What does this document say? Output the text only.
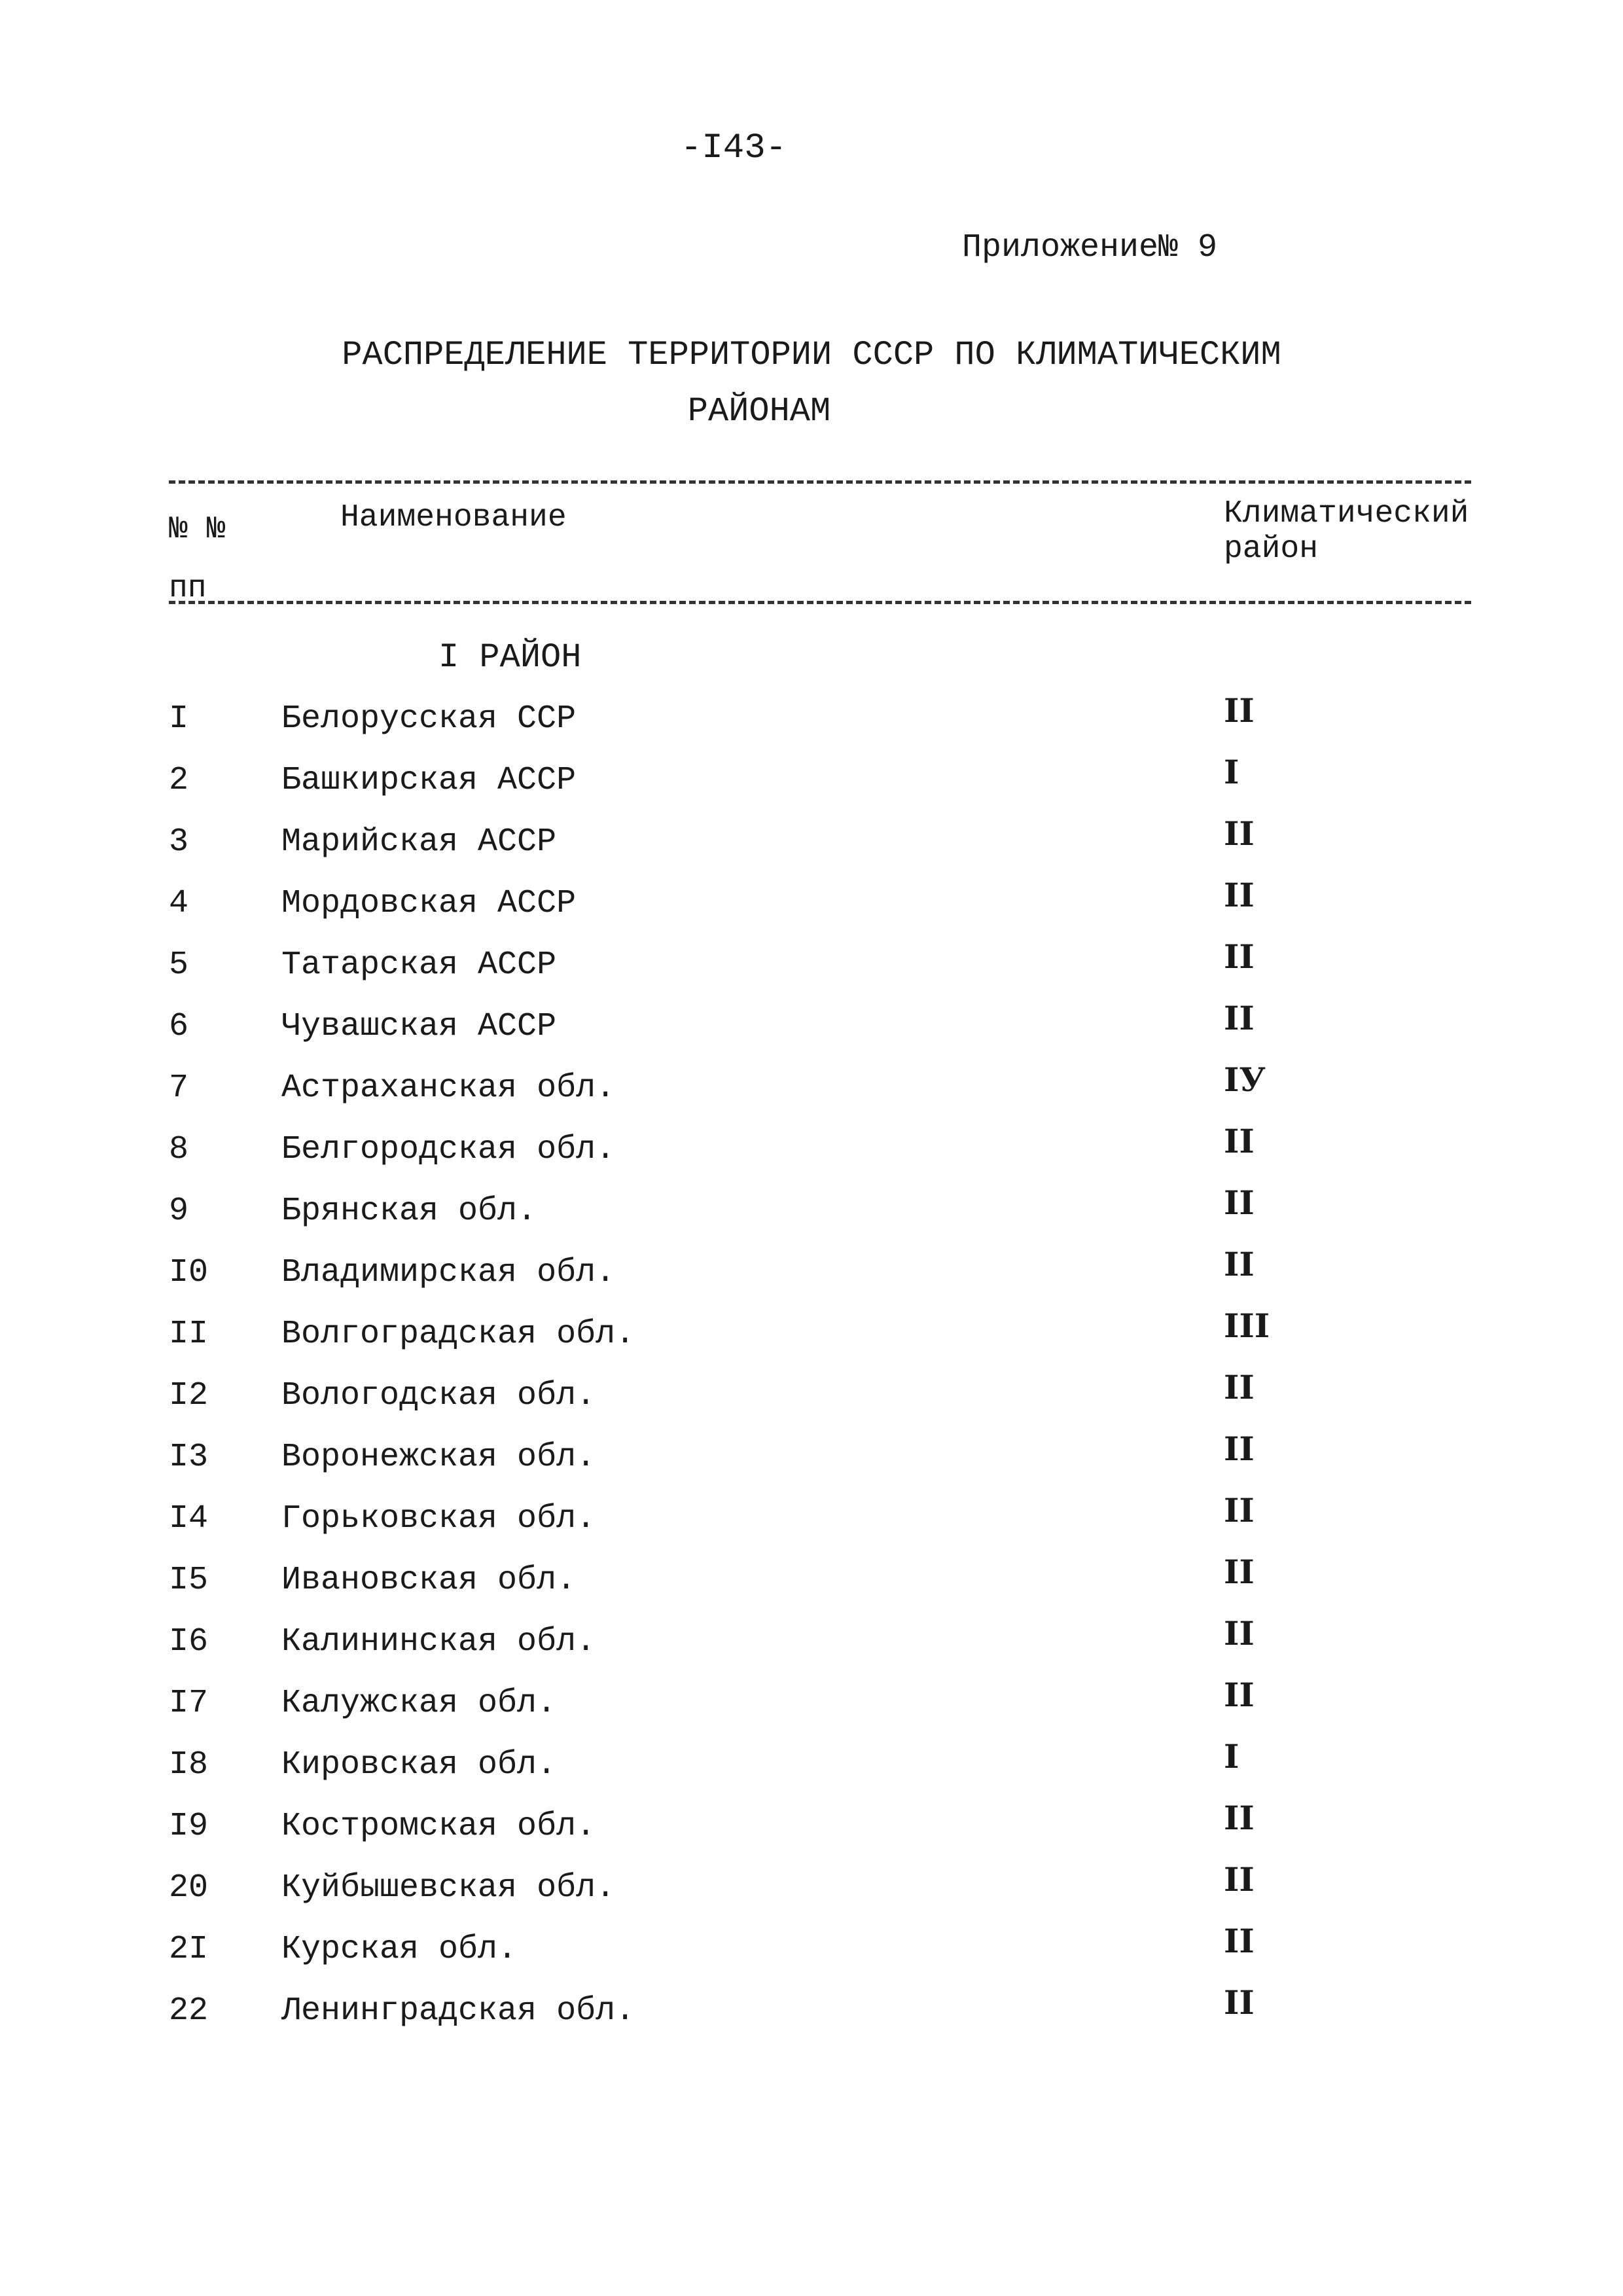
-I43-
Приложение№ 9
РАСПРЕДЕЛЕНИЕ ТЕРРИТОРИИ СССР ПО КЛИМАТИЧЕСКИМ
РАЙОНАМ
№ № пп
Наименование	Климатический район
I РАЙОН
I	Белорусская ССР	II
2	Башкирская АССР	I
3	Марийская АССР	II
4	Мордовская АССР	II
5	Татарская АССР	II
6	Чувашская АССР	II
7	Астраханская обл.	IУ
8	Белгородская обл.	II
9	Брянская обл.	II
I0 Владимирская обл.	II
II Волгоградская обл.	III
I2 Вологодская обл.	II
I3 Воронежская обл.	II
I4 Горьковская обл.	II
I5 Ивановская обл.	II
I6 Калининская обл.	II
I7 Калужская обл.	II
I8 Кировская обл.	I
I9 Костромская обл.	II
20 Куйбышевская обл.	II
2I Курская обл.	II
22 Ленинградская обл.	II
